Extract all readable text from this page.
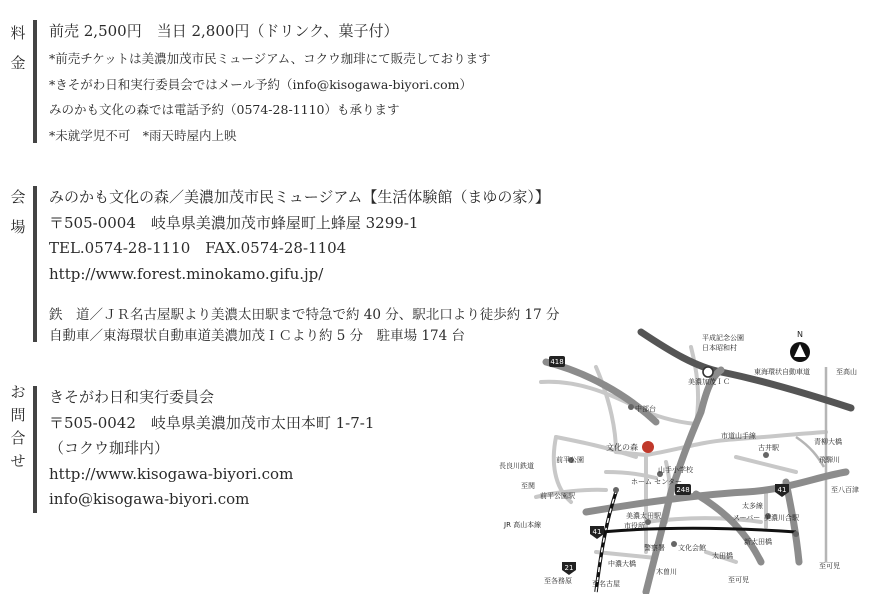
料
金
前売 2,500円　当日 2,800円（ドリンク、菓子付）
*前売チケットは美濃加茂市民ミュージアム、コクウ珈琲にて販売しております
*きそがわ日和実行委員会ではメール予約（info@kisogawa-biyori.com）
みのかも文化の森では電話予約（0574-28-1110）も承ります
*未就学児不可　*雨天時屋内上映
会
場
みのかも文化の森／美濃加茂市民ミュージアム【生活体験館（まゆの家）】
〒505-0004　岐阜県美濃加茂市蜂屋町上蜂屋 3299-1
TEL.0574-28-1110　FAX.0574-28-1104
http://www.forest.minokamo.gifu.jp/
鉄　道／ＪＲ名古屋駅より美濃太田駅まで特急で約 40 分、駅北口より徒歩約 17 分
自動車／東海環状自動車道美濃加茂ＩＣより約 5 分　駐車場 174 台
お
問
合
せ
きそがわ日和実行委員会
〒505-0042　岐阜県美濃加茂市太田本町 1-7-1
（コクウ珈琲内）
http://www.kisogawa-biyori.com
info@kisogawa-biyori.com
N
418
248	41
41
21
平成記念公園
日本昭和村
美濃加茂ＩＣ
東海環状自動車道	至高山
中部台
文化の森
市道山手線
古井駅
青柳大橋
飛騨川
前平公園
長良川鉄道	山手小学校
ホーム センター
至関
前平公園駅
至八百津
美濃太田駅
太多線
JR 高山本線	市役所
スーパー 美濃川合駅
新太田橋
警察署 文化会館
太田橋
中濃大橋
木曽川
至可児
至各務原	至名古屋	至可児
